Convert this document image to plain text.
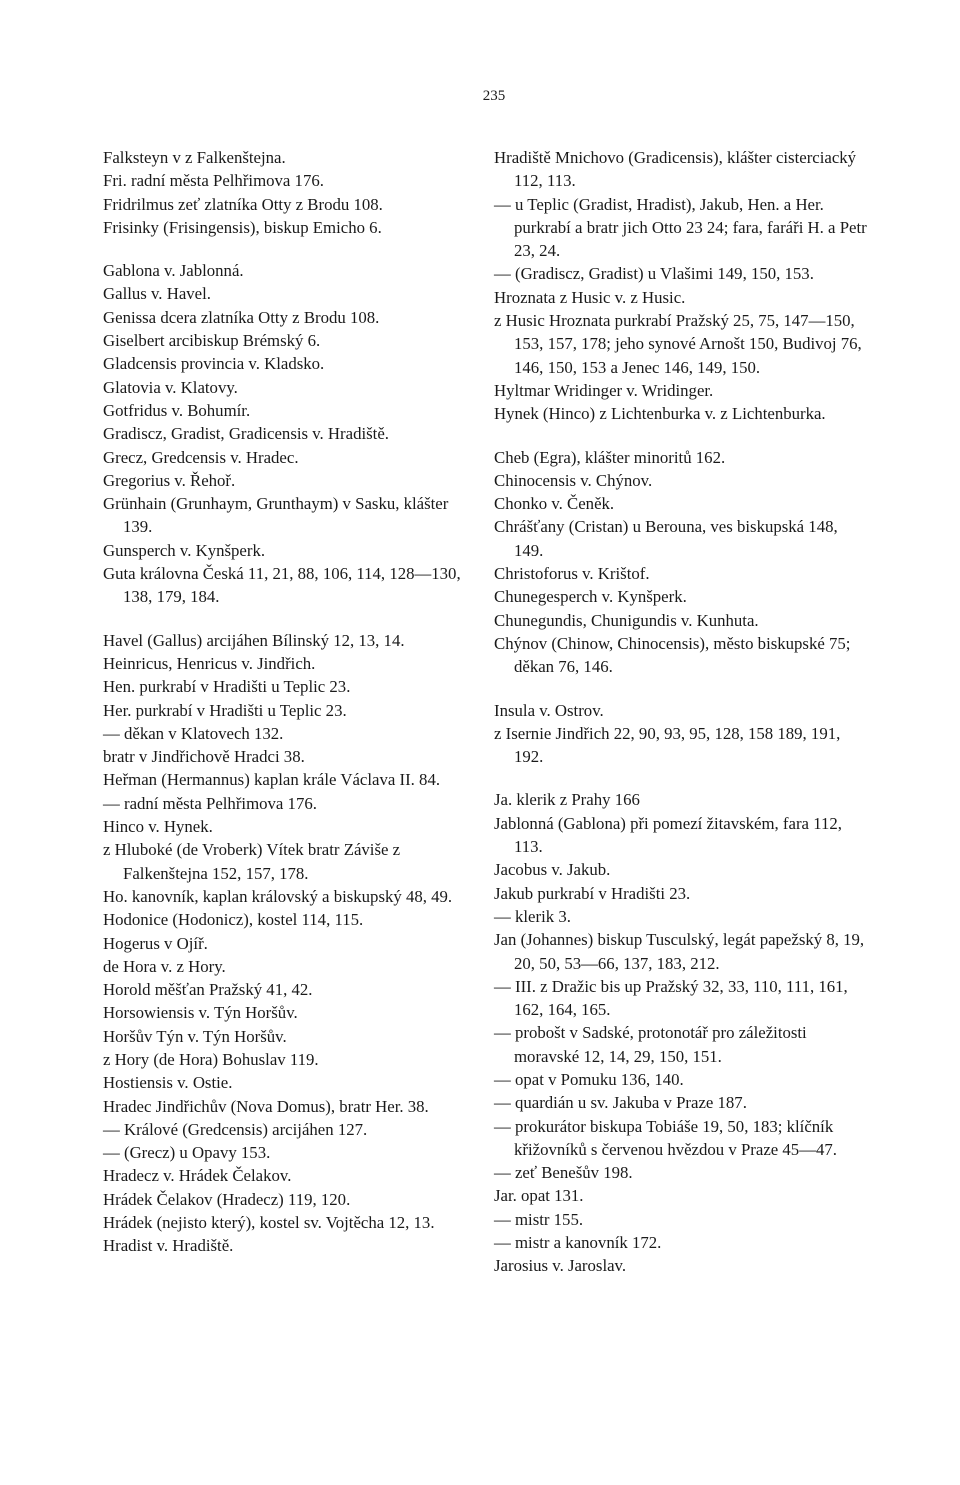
235
Falksteyn v z Falkenštejna.
Fri. radní města Pelhřimova 176.
Fridrilmus zeť zlatníka Otty z Brodu 108.
Frisinky (Frisingensis), biskup Emicho 6.
Gablona v. Jablonná.
Gallus v. Havel.
Genissa dcera zlatníka Otty z Brodu 108.
Giselbert arcibiskup Brémský 6.
Gladcensis provincia v. Kladsko.
Glatovia v. Klatovy.
Gotfridus v. Bohumír.
Gradiscz, Gradist, Gradicensis v. Hradiště.
Grecz, Gredcensis v. Hradec.
Gregorius v. Řehoř.
Grünhain (Grunhaym, Grunthaym) v Sasku, klášter 139.
Gunsperch v. Kynšperk.
Guta královna Česká 11, 21, 88, 106, 114, 128—130, 138, 179, 184.
Havel (Gallus) arcijáhen Bílinský 12, 13, 14.
Heinricus, Henricus v. Jindřich.
Hen. purkrabí v Hradišti u Teplic 23.
Her. purkrabí v Hradišti u Teplic 23.
— děkan v Klatovech 132.
bratr v Jindřichově Hradci 38.
Heřman (Hermannus) kaplan krále Václava II. 84.
— radní města Pelhřimova 176.
Hinco v. Hynek.
z Hluboké (de Vroberk) Vítek bratr Záviše z Falkenštejna 152, 157, 178.
Ho. kanovník, kaplan královský a biskupský 48, 49.
Hodonice (Hodonicz), kostel 114, 115.
Hogerus v Ojíř.
de Hora v. z Hory.
Horold měšťan Pražský 41, 42.
Horsowiensis v. Týn Horšův.
Horšův Týn v. Týn Horšův.
z Hory (de Hora) Bohuslav 119.
Hostiensis v. Ostie.
Hradec Jindřichův (Nova Domus), bratr Her. 38.
— Králové (Gredcensis) arcijáhen 127.
— (Grecz) u Opavy 153.
Hradecz v. Hrádek Čelakov.
Hrádek Čelakov (Hradecz) 119, 120.
Hrádek (nejisto který), kostel sv. Vojtěcha 12, 13.
Hradist v. Hradiště.
Hradiště Mnichovo (Gradicensis), klášter cisterciacký 112, 113.
— u Teplic (Gradist, Hradist), Jakub, Hen. a Her. purkrabí a bratr jich Otto 23 24; fara, faráři H. a Petr 23, 24.
— (Gradiscz, Gradist) u Vlašimi 149, 150, 153.
Hroznata z Husic v. z Husic.
z Husic Hroznata purkrabí Pražský 25, 75, 147—150, 153, 157, 178; jeho synové Arnošt 150, Budivoj 76, 146, 150, 153 a Jenec 146, 149, 150.
Hyltmar Wridinger v. Wridinger.
Hynek (Hinco) z Lichtenburka v. z Lichtenburka.
Cheb (Egra), klášter minoritů 162.
Chinocensis v. Chýnov.
Chonko v. Čeněk.
Chrášťany (Cristan) u Berouna, ves biskupská 148, 149.
Christoforus v. Krištof.
Chunegesperch v. Kynšperk.
Chunegundis, Chunigundis v. Kunhuta.
Chýnov (Chinow, Chinocensis), město biskupské 75; děkan 76, 146.
Insula v. Ostrov.
z Isernie Jindřich 22, 90, 93, 95, 128, 158 189, 191, 192.
Ja. klerik z Prahy 166
Jablonná (Gablona) při pomezí žitavském, fara 112, 113.
Jacobus v. Jakub.
Jakub purkrabí v Hradišti 23.
— klerik 3.
Jan (Johannes) biskup Tusculský, legát papežský 8, 19, 20, 50, 53—66, 137, 183, 212.
— III. z Dražic bis up Pražský 32, 33, 110, 111, 161, 162, 164, 165.
— probošt v Sadské, protonotář pro záležitosti moravské 12, 14, 29, 150, 151.
— opat v Pomuku 136, 140.
— quardián u sv. Jakuba v Praze 187.
— prokurátor biskupa Tobiáše 19, 50, 183; klíčník křižovníků s červenou hvězdou v Praze 45—47.
— zeť Benešův 198.
Jar. opat 131.
— mistr 155.
— mistr a kanovník 172.
Jarosius v. Jaroslav.
